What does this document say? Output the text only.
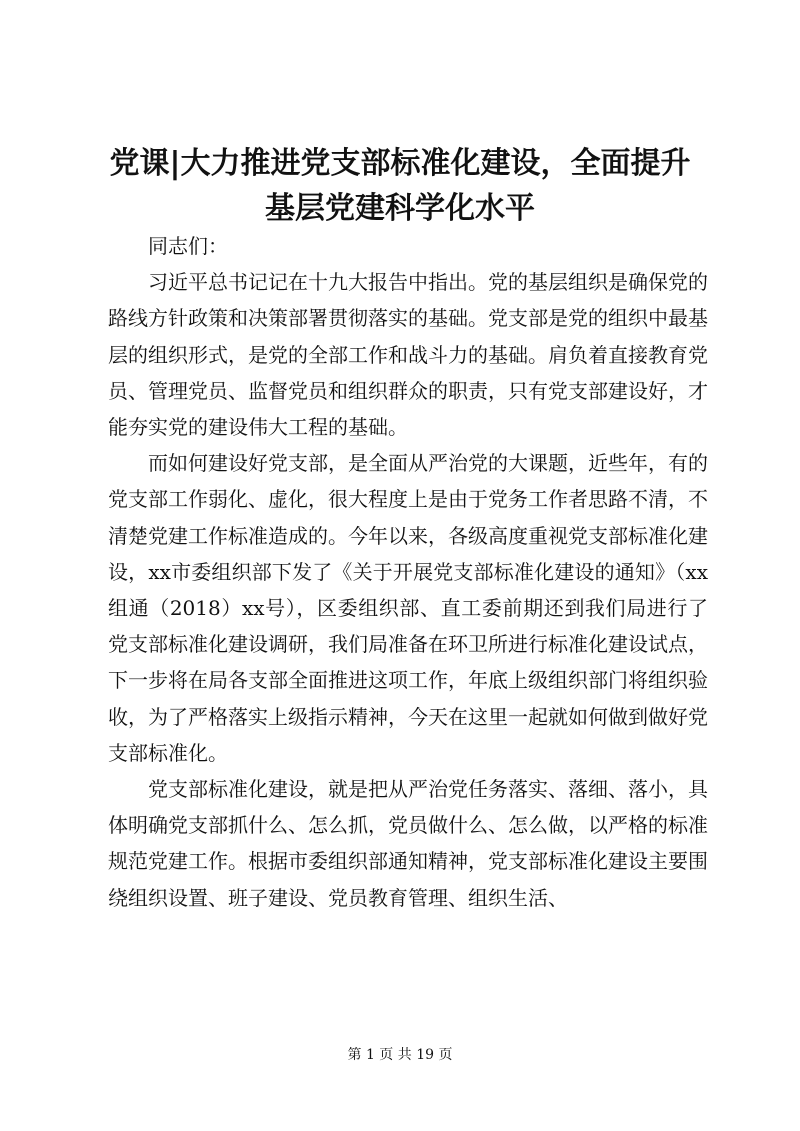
党课|大力推进党支部标准化建设，全面提升
基层党建科学化水平

同志们：

习近平总书记记在十九大报告中指出。党的基层组织是确保党的路线方针政策和决策部署贯彻落实的基础。党支部是党的组织中最基层的组织形式，是党的全部工作和战斗力的基础。肩负着直接教育党员、管理党员、监督党员和组织群众的职责，只有党支部建设好，才能夯实党的建设伟大工程的基础。

而如何建设好党支部，是全面从严治党的大课题，近些年，有的党支部工作弱化、虚化，很大程度上是由于党务工作者思路不清，不清楚党建工作标准造成的。今年以来，各级高度重视党支部标准化建设，xx市委组织部下发了《关于开展党支部标准化建设的通知》（xx组通（2018）xx号），区委组织部、直工委前期还到我们局进行了党支部标准化建设调研，我们局准备在环卫所进行标准化建设试点，下一步将在局各支部全面推进这项工作，年底上级组织部门将组织验收，为了严格落实上级指示精神，今天在这里一起就如何做到做好党支部标准化。

党支部标准化建设，就是把从严治党任务落实、落细、落小，具体明确党支部抓什么、怎么抓，党员做什么、怎么做，以严格的标准规范党建工作。根据市委组织部通知精神，党支部标准化建设主要围绕组织设置、班子建设、党员教育管理、组织生活、

第 1 页 共 19 页
